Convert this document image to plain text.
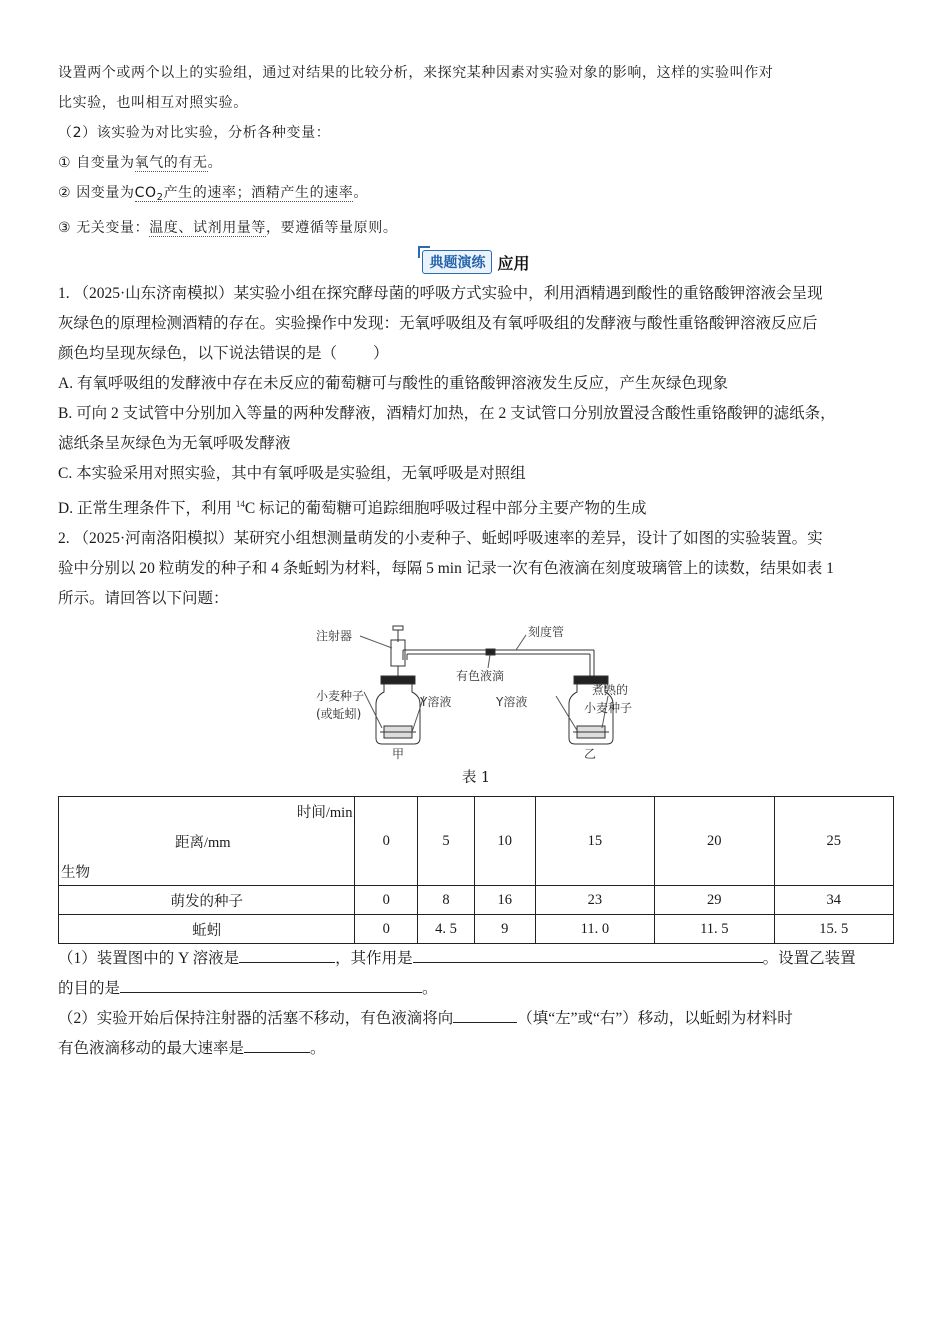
设置两个或两个以上的实验组，通过对结果的比较分析，来探究某种因素对实验对象的影响，这样的实验叫作对
比实验，也叫相互对照实验。
（2）该实验为对比实验，分析各种变量：
① 自变量为氧气的有无。
② 因变量为$CO_2$产生的速率；酒精产生的速率。
③ 无关变量：温度、试剂用量等，要遵循等量原则。
典题演练 应用
1. （2025·山东济南模拟）某实验小组在探究酵母菌的呼吸方式实验中，利用酒精遇到酸性的重铬酸钾溶液会呈现
灰绿色的原理检测酒精的存在。实验操作中发现：无氧呼吸组及有氧呼吸组的发酵液与酸性重铬酸钾溶液反应后
颜色均呈现灰绿色，以下说法错误的是（ ）
A. 有氧呼吸组的发酵液中存在未反应的葡萄糖可与酸性的重铬酸钾溶液发生反应，产生灰绿色现象
B. 可向 2 支试管中分别加入等量的两种发酵液，酒精灯加热，在 2 支试管口分别放置浸含酸性重铬酸钾的滤纸条，
滤纸条呈灰绿色为无氧呼吸发酵液
C. 本实验采用对照实验，其中有氧呼吸是实验组，无氧呼吸是对照组
D. 正常生理条件下，利用 $^{14}$C 标记的葡萄糖可追踪细胞呼吸过程中部分主要产物的生成
2. （2025·河南洛阳模拟）某研究小组想测量萌发的小麦种子、蚯蚓呼吸速率的差异，设计了如图的实验装置。实
验中分别以 20 粒萌发的种子和 4 条蚯蚓为材料，每隔 5 min 记录一次有色液滴在刻度玻璃管上的读数，结果如表 1
所示。请回答以下问题：
注射器	刻度管
有色液滴
小麦种子
(或蚯蚓)
Y溶液	Y溶液
煮熟的
小麦种子
甲	乙
表 1
时间/min
距离/mm
生物	0	5	10	15	20	25
萌发的种子	0	8	16	23	29	34
蚯蚓	0	4. 5	9	11. 0	11. 5	15. 5
（1）装置图中的 Y 溶液是	，其作用是	。设置乙装置
的目的是	。
（2）实验开始后保持注射器的活塞不移动，有色液滴将向	（填“左”或“右”）移动，以蚯蚓为材料时
有色液滴移动的最大速率是	。
